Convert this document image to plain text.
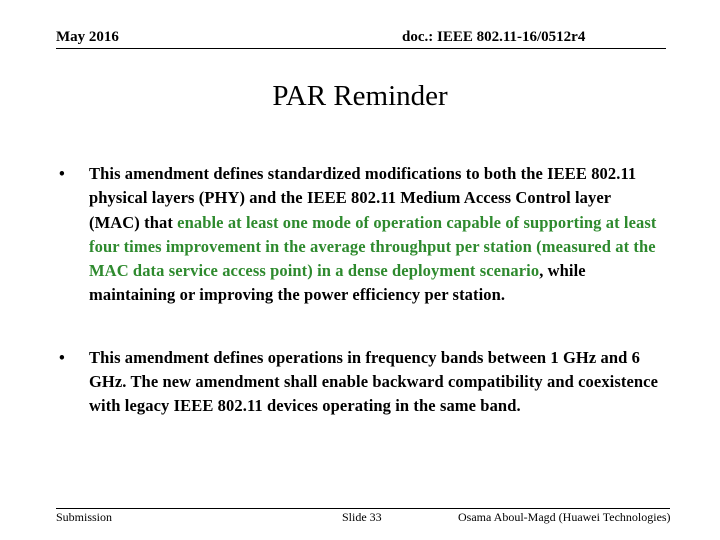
May 2016	doc.: IEEE 802.11-16/0512r4
PAR Reminder
• This amendment defines standardized modifications to both the IEEE 802.11 physical layers (PHY) and the IEEE 802.11 Medium Access Control layer (MAC) that enable at least one mode of operation capable of supporting at least four times improvement in the average throughput per station (measured at the MAC data service access point) in a dense deployment scenario, while maintaining or improving the power efficiency per station.
• This amendment defines operations in frequency bands between 1 GHz and 6 GHz. The new amendment shall enable backward compatibility and coexistence with legacy IEEE 802.11 devices operating in the same band.
Submission	Slide 33	Osama Aboul-Magd (Huawei Technologies)
